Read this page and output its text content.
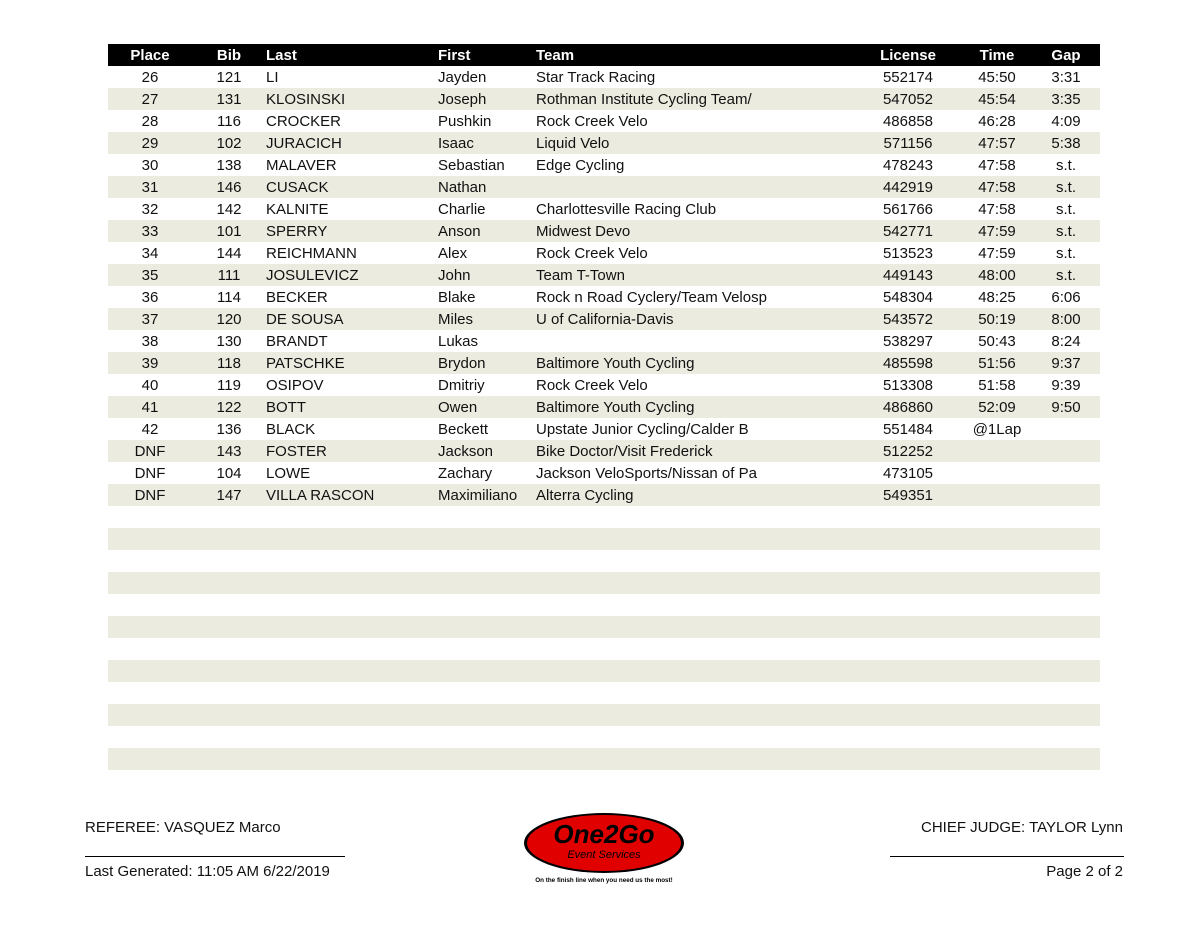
Place	Bib	Last	First	Team	License	Time	Gap
26	121	LI	Jayden	Star Track Racing	552174	45:50	3:31
27	131	KLOSINSKI	Joseph	Rothman Institute Cycling Team/	547052	45:54	3:35
28	116	CROCKER	Pushkin	Rock Creek Velo	486858	46:28	4:09
29	102	JURACICH	Isaac	Liquid Velo	571156	47:57	5:38
30	138	MALAVER	Sebastian	Edge Cycling	478243	47:58	s.t.
31	146	CUSACK	Nathan		442919	47:58	s.t.
32	142	KALNITE	Charlie	Charlottesville Racing Club	561766	47:58	s.t.
33	101	SPERRY	Anson	Midwest Devo	542771	47:59	s.t.
34	144	REICHMANN	Alex	Rock Creek Velo	513523	47:59	s.t.
35	111	JOSULEVICZ	John	Team T-Town	449143	48:00	s.t.
36	114	BECKER	Blake	Rock n Road Cyclery/Team Velosp	548304	48:25	6:06
37	120	DE SOUSA	Miles	U of California-Davis	543572	50:19	8:00
38	130	BRANDT	Lukas		538297	50:43	8:24
39	118	PATSCHKE	Brydon	Baltimore Youth Cycling	485598	51:56	9:37
40	119	OSIPOV	Dmitriy	Rock Creek Velo	513308	51:58	9:39
41	122	BOTT	Owen	Baltimore Youth Cycling	486860	52:09	9:50
42	136	BLACK	Beckett	Upstate Junior Cycling/Calder B	551484	@1Lap	
DNF	143	FOSTER	Jackson	Bike Doctor/Visit Frederick	512252		
DNF	104	LOWE	Zachary	Jackson VeloSports/Nissan of Pa	473105		
DNF	147	VILLA RASCON	Maximiliano	Alterra Cycling	549351		

REFEREE: VASQUEZ Marco
Last Generated: 11:05 AM 6/22/2019
CHIEF JUDGE: TAYLOR Lynn
Page 2 of 2
One2Go
Event Services
On the finish line when you need us the most!
